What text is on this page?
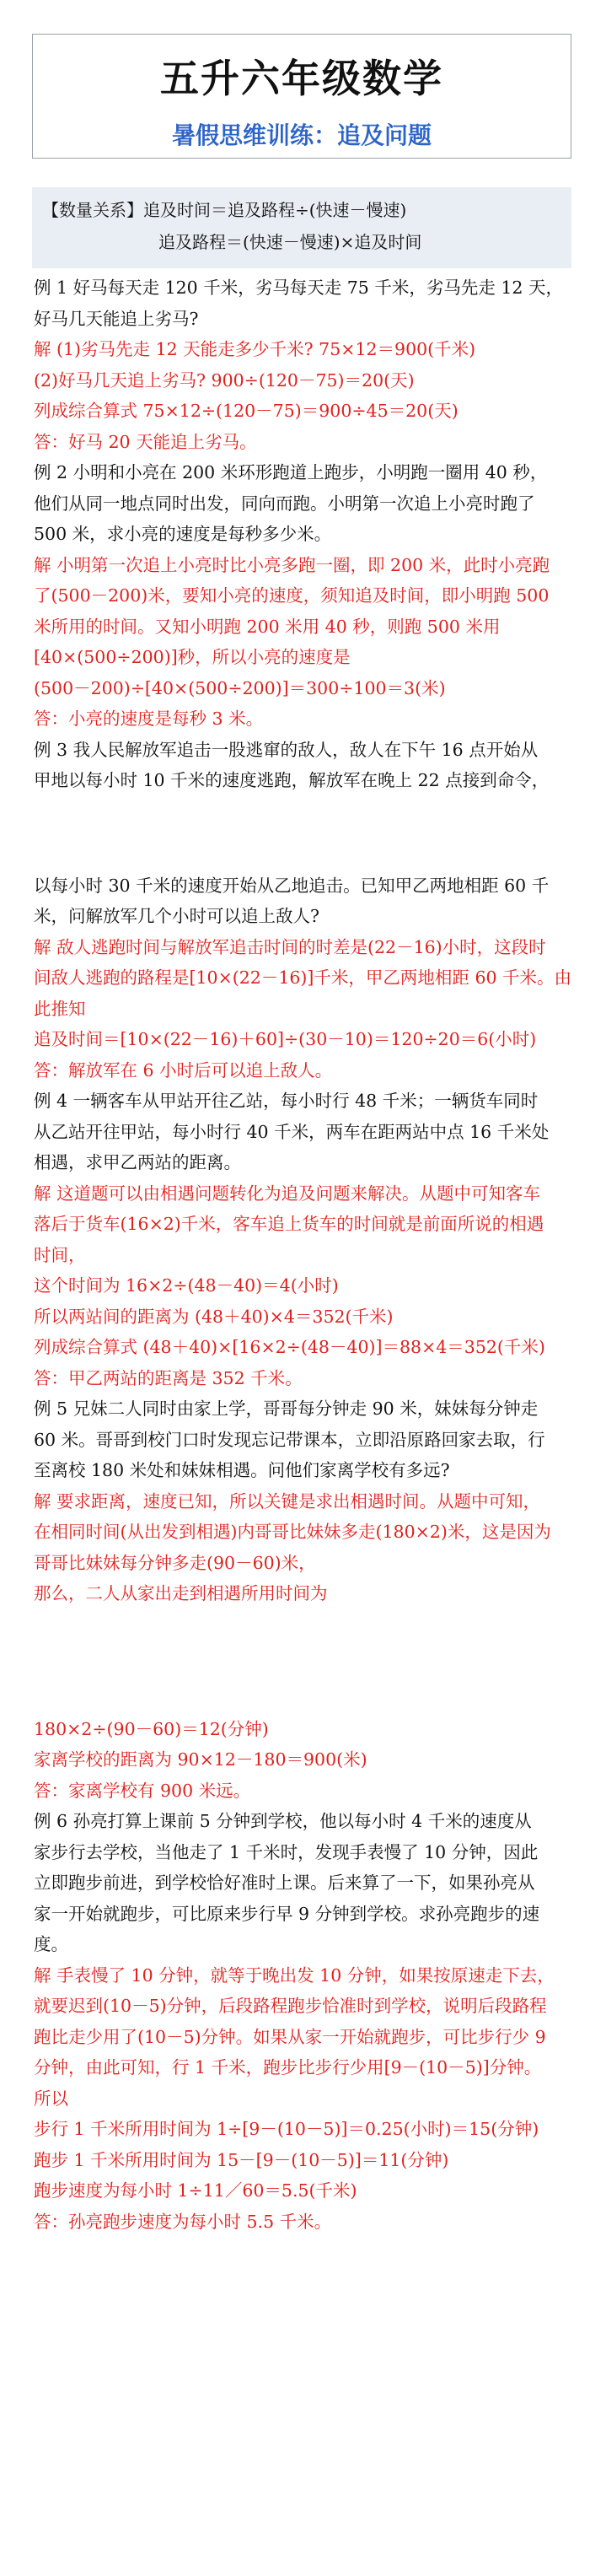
五升六年级数学
暑假思维训练：追及问题
【数量关系】追及时间＝追及路程÷(快速－慢速)
追及路程＝(快速－慢速)×追及时间

例 1 好马每天走 120 千米，劣马每天走 75 千米，劣马先走 12 天，

好马几天能追上劣马?

解 (1)劣马先走 12 天能走多少千米? 75×12＝900(千米)

(2)好马几天追上劣马? 900÷(120－75)＝20(天)

列成综合算式 75×12÷(120－75)＝900÷45＝20(天)

答：好马 20 天能追上劣马。

例 2 小明和小亮在 200 米环形跑道上跑步，小明跑一圈用 40 秒，

他们从同一地点同时出发，同向而跑。小明第一次追上小亮时跑了

500 米，求小亮的速度是每秒多少米。

解 小明第一次追上小亮时比小亮多跑一圈，即 200 米，此时小亮跑

了(500－200)米，要知小亮的速度，须知追及时间，即小明跑 500

米所用的时间。又知小明跑 200 米用 40 秒，则跑 500 米用

[40×(500÷200)]秒，所以小亮的速度是

(500－200)÷[40×(500÷200)]＝300÷100＝3(米)

答：小亮的速度是每秒 3 米。

例 3 我人民解放军追击一股逃窜的敌人，敌人在下午 16 点开始从

甲地以每小时 10 千米的速度逃跑，解放军在晚上 22 点接到命令，

以每小时 30 千米的速度开始从乙地追击。已知甲乙两地相距 60 千

米，问解放军几个小时可以追上敌人?

解 敌人逃跑时间与解放军追击时间的时差是(22－16)小时，这段时

间敌人逃跑的路程是[10×(22－16)]千米，甲乙两地相距 60 千米。由

此推知

追及时间＝[10×(22－16)＋60]÷(30－10)＝120÷20＝6(小时)

答：解放军在 6 小时后可以追上敌人。

例 4 一辆客车从甲站开往乙站，每小时行 48 千米；一辆货车同时

从乙站开往甲站，每小时行 40 千米，两车在距两站中点 16 千米处

相遇，求甲乙两站的距离。

解 这道题可以由相遇问题转化为追及问题来解决。从题中可知客车

落后于货车(16×2)千米，客车追上货车的时间就是前面所说的相遇

时间，

这个时间为 16×2÷(48－40)＝4(小时)

所以两站间的距离为 (48＋40)×4＝352(千米)

列成综合算式 (48＋40)×[16×2÷(48－40)]＝88×4＝352(千米)

答：甲乙两站的距离是 352 千米。

例 5 兄妹二人同时由家上学，哥哥每分钟走 90 米，妹妹每分钟走

60 米。哥哥到校门口时发现忘记带课本，立即沿原路回家去取，行

至离校 180 米处和妹妹相遇。问他们家离学校有多远?

解 要求距离，速度已知，所以关键是求出相遇时间。从题中可知，

在相同时间(从出发到相遇)内哥哥比妹妹多走(180×2)米，这是因为

哥哥比妹妹每分钟多走(90－60)米，

那么，二人从家出走到相遇所用时间为

180×2÷(90－60)＝12(分钟)

家离学校的距离为 90×12－180＝900(米)

答：家离学校有 900 米远。

例 6 孙亮打算上课前 5 分钟到学校，他以每小时 4 千米的速度从

家步行去学校，当他走了 1 千米时，发现手表慢了 10 分钟，因此

立即跑步前进，到学校恰好准时上课。后来算了一下，如果孙亮从

家一开始就跑步，可比原来步行早 9 分钟到学校。求孙亮跑步的速

度。

解 手表慢了 10 分钟，就等于晚出发 10 分钟，如果按原速走下去，

就要迟到(10－5)分钟，后段路程跑步恰准时到学校，说明后段路程

跑比走少用了(10－5)分钟。如果从家一开始就跑步，可比步行少 9

分钟，由此可知，行 1 千米，跑步比步行少用[9－(10－5)]分钟。

所以

步行 1 千米所用时间为 1÷[9－(10－5)]＝0.25(小时)＝15(分钟)

跑步 1 千米所用时间为 15－[9－(10－5)]＝11(分钟)

跑步速度为每小时 1÷11／60＝5.5(千米)

答：孙亮跑步速度为每小时 5.5 千米。
